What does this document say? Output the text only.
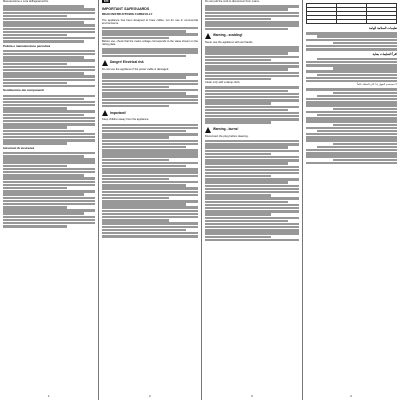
Manutenzione e cura dell'apparecchio

Pulizia e manutenzione periodica

Sostituzione dei componenti

Istruzioni di sicurezza

1
EN
IMPORTANT SAFEGUARDS
READ INSTRUCTIONS CAREFULLY

The appliance has been designed to brew coffee, not for use in commercial environments.

Before use, check that the mains voltage corresponds to the value shown on the rating plate.

Danger! Electrical risk

Do not use the appliance if the power cable is damaged.

Important!

Keep children away from the appliance.

2

Do not pull the cord to disconnect from mains.

Warning - scalding!

Never use the appliance with wet hands.

Clean only with a damp cloth.

Warning - burns!

Disconnect the plug before cleaning.

3

تعليمات السلامة الهامة

اقرأ التعليمات بعناية

لا تستخدم الجهاز إذا كان السلك تالفاً

4
